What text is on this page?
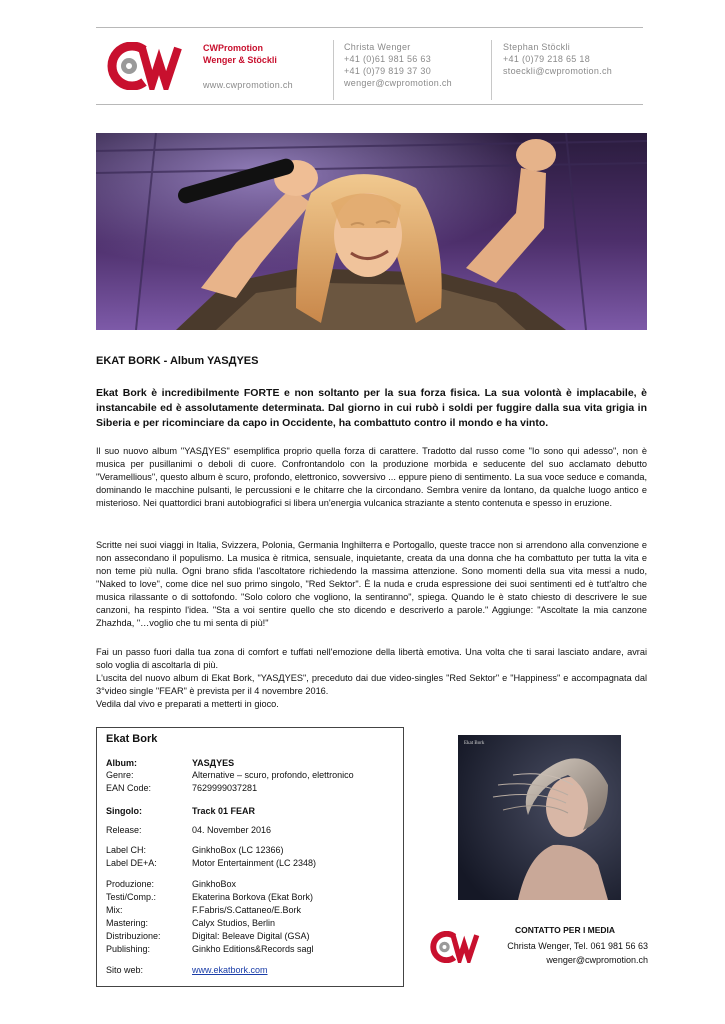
CWPromotion
Wenger & Stöckli
www.cwpromotion.ch
Christa Wenger
+41 (0)61 981 56 63
+41 (0)79 819 37 30
wenger@cwpromotion.ch
Stephan Stöckli
+41 (0)79 218 65 18
stoeckli@cwpromotion.ch
EKAT BORK - Album YASДYES
Ekat Bork è incredibilmente FORTE e non soltanto per la sua forza fisica. La sua volontà è implacabile, è instancabile ed è assolutamente determinata. Dal giorno in cui rubò i soldi per fuggire dalla sua vita grigia in Siberia e per ricominciare da capo in Occidente, ha combattuto contro il mondo e ha vinto.

Il suo nuovo album "YASДYES" esemplifica proprio quella forza di carattere. Tradotto dal russo come "Io sono qui adesso", non è musica per pusillanimi o deboli di cuore. Confrontandolo con la produzione morbida e seducente del suo acclamato debutto "Veramellious", questo album è scuro, profondo, elettronico, sovversivo ... eppure pieno di sentimento. La sua voce seduce e comanda, dominando le macchine pulsanti, le percussioni e le chitarre che la circondano. Sembra venire da lontano, da qualche luogo antico e misterioso. Nei quattordici brani autobiografici si libera un'energia vulcanica straziante a stento contenuta e spesso in eruzione.

Scritte nei suoi viaggi in Italia, Svizzera, Polonia, Germania Inghilterra e Portogallo, queste tracce non si arrendono alla convenzione e non assecondano il populismo. La musica è ritmica, sensuale, inquietante, creata da una donna che ha combattuto per tutta la vita e non teme più nulla. Ogni brano sfida l'ascoltatore richiedendo la massima attenzione. Sono momenti della sua vita messi a nudo, "Naked to love", come dice nel suo primo singolo, "Red Sektor". È la nuda e cruda espressione dei suoi sentimenti ed è tutt'altro che musica rilassante o di sottofondo. "Solo coloro che vogliono, la sentiranno", spiega. Quando le è stato chiesto di descrivere le sue canzoni, ha respinto l'idea. "Sta a voi sentire quello che sto dicendo e descriverlo a parole." Aggiunge: "Ascoltate la mia canzone Zhazhda, "…voglio che tu mi senta di più!"

Fai un passo fuori dalla tua zona di comfort e tuffati nell'emozione della libertà emotiva. Una volta che ti sarai lasciato andare, avrai solo voglia di ascoltarla di più.

L'uscita del nuovo album di Ekat Bork, "YASДYES", preceduto dai due video-singles "Red Sektor" e "Happiness" e accompagnata dal 3°video single "FEAR" è prevista per il 4 novembre 2016.

Vedila dal vivo e preparati a metterti in gioco.

Ekat Bork
Album:	YASДYES
Genre:	Alternative – scuro, profondo, elettronico
EAN Code:	7629999037281
Singolo:	Track 01 FEAR
Release:	04. November 2016
Label CH:	GinkhoBox (LC 12366)
Label DE+A:	Motor Entertainment (LC 2348)
Produzione:	GinkhoBox
Testi/Comp.:	Ekaterina Borkova (Ekat Bork)
Mix:	F.Fabris/S.Cattaneo/E.Bork
Mastering:	Calyx Studios, Berlin
Distribuzione:	Digital: Beleave Digital (GSA)
Publishing:	Ginkho Editions&Records sagl
Sito web:	www.ekatbork.com
Ekat Bork
CONTATTO PER I MEDIA
Christa Wenger, Tel. 061 981 56 63
wenger@cwpromotion.ch
